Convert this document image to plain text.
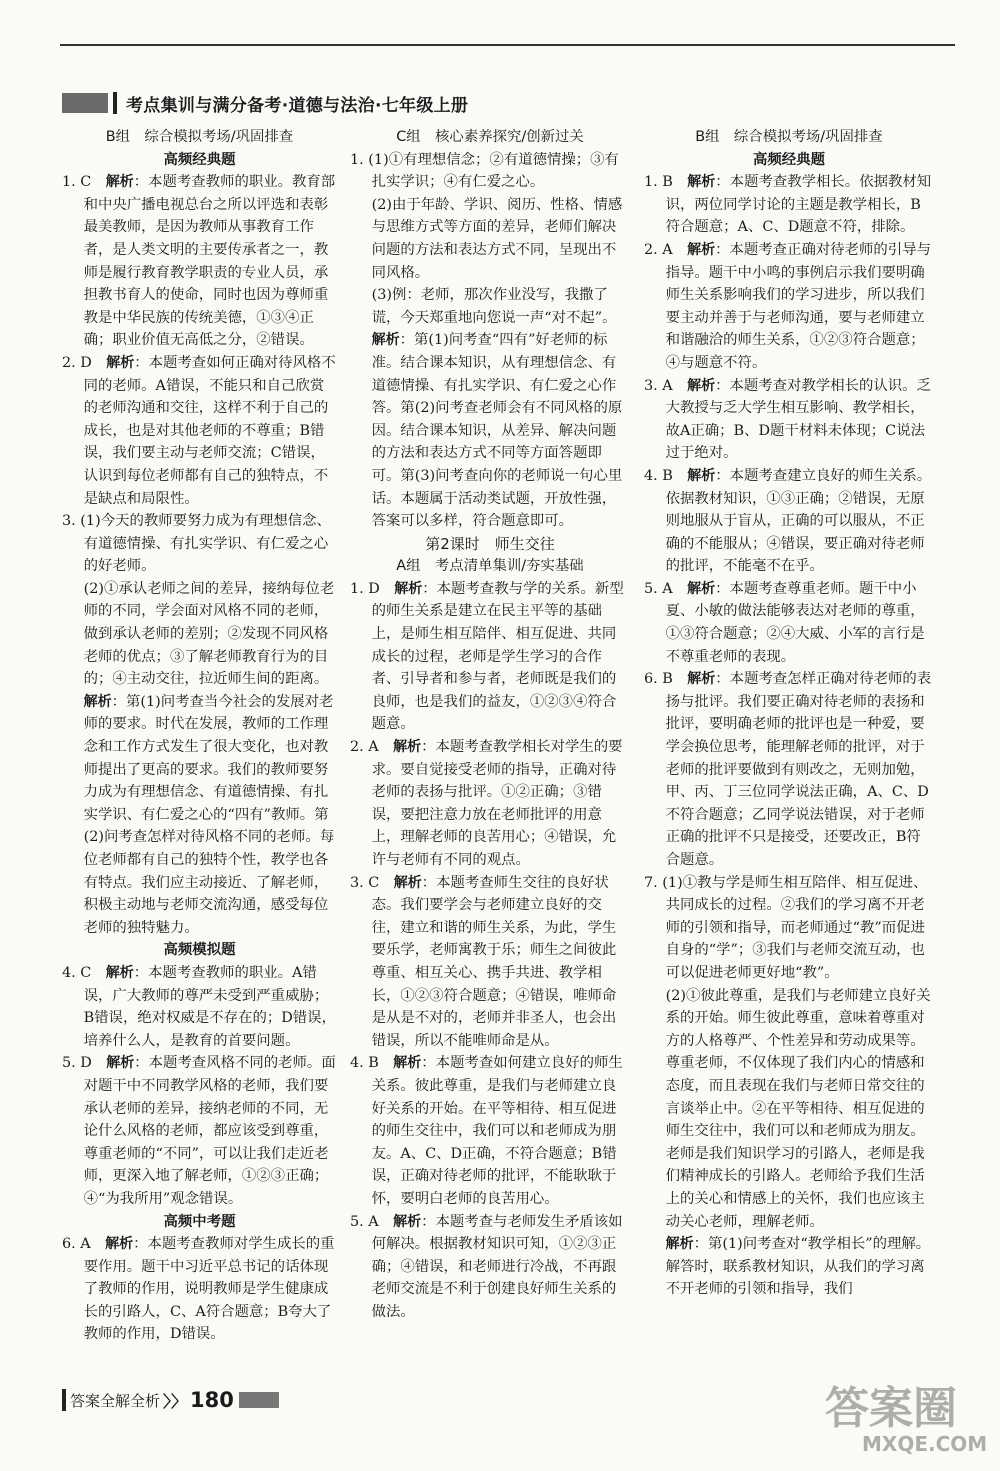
考点集训与满分备考·道德与法治·七年级上册
B组　综合模拟考场/巩固排查
高频经典题
1. C　解析：本题考查教师的职业。教育部和中央广播电视总台之所以评选和表彰最美教师，是因为教师从事教育工作者，是人类文明的主要传承者之一，教师是履行教育教学职责的专业人员，承担教书育人的使命，同时也因为尊师重教是中华民族的传统美德，①③④正确；职业价值无高低之分，②错误。
2. D　解析：本题考查如何正确对待风格不同的老师。A错误，不能只和自己欣赏的老师沟通和交往，这样不利于自己的成长，也是对其他老师的不尊重；B错误，我们要主动与老师交流；C错误，认识到每位老师都有自己的独特点，不是缺点和局限性。
3. (1)今天的教师要努力成为有理想信念、有道德情操、有扎实学识、有仁爱之心的好老师。
(2)①承认老师之间的差异，接纳每位老师的不同，学会面对风格不同的老师，做到承认老师的差别；②发现不同风格老师的优点；③了解老师教育行为的目的；④主动交往，拉近师生间的距离。
解析：第(1)问考查当今社会的发展对老师的要求。时代在发展，教师的工作理念和工作方式发生了很大变化，也对教师提出了更高的要求。我们的教师要努力成为有理想信念、有道德情操、有扎实学识、有仁爱之心的“四有”教师。第(2)问考查怎样对待风格不同的老师。每位老师都有自己的独特个性，教学也各有特点。我们应主动接近、了解老师，积极主动地与老师交流沟通，感受每位老师的独特魅力。
高频模拟题
4. C　解析：本题考查教师的职业。A错误，广大教师的尊严未受到严重威胁；B错误，绝对权威是不存在的；D错误，培养什么人，是教育的首要问题。
5. D　解析：本题考查风格不同的老师。面对题干中不同教学风格的老师，我们要承认老师的差异，接纳老师的不同，无论什么风格的老师，都应该受到尊重，尊重老师的“不同”，可以让我们走近老师，更深入地了解老师，①②③正确；④“为我所用”观念错误。
高频中考题
6. A　解析：本题考查教师对学生成长的重要作用。题干中习近平总书记的话体现了教师的作用，说明教师是学生健康成长的引路人，C、A符合题意；B夸大了教师的作用，D错误。
C组　核心素养探究/创新过关
1. (1)①有理想信念；②有道德情操；③有扎实学识；④有仁爱之心。
(2)由于年龄、学识、阅历、性格、情感与思维方式等方面的差异，老师们解决问题的方法和表达方式不同，呈现出不同风格。
(3)例：老师，那次作业没写，我撒了谎，今天郑重地向您说一声“对不起”。
解析：第(1)问考查“四有”好老师的标准。结合课本知识，从有理想信念、有道德情操、有扎实学识、有仁爱之心作答。第(2)问考查老师会有不同风格的原因。结合课本知识，从差异、解决问题的方法和表达方式不同等方面答题即可。第(3)问考查向你的老师说一句心里话。本题属于活动类试题，开放性强，答案可以多样，符合题意即可。
第2课时　师生交往
A组　考点清单集训/夯实基础
1. D　解析：本题考查教与学的关系。新型的师生关系是建立在民主平等的基础上，是师生相互陪伴、相互促进、共同成长的过程，老师是学生学习的合作者、引导者和参与者，老师既是我们的良师，也是我们的益友，①②③④符合题意。
2. A　解析：本题考查教学相长对学生的要求。要自觉接受老师的指导，正确对待老师的表扬与批评。①②正确；③错误，要把注意力放在老师批评的用意上，理解老师的良苦用心；④错误，允许与老师有不同的观点。
3. C　解析：本题考查师生交往的良好状态。我们要学会与老师建立良好的交往，建立和谐的师生关系，为此，学生要乐学，老师寓教于乐；师生之间彼此尊重、相互关心、携手共进、教学相长，①②③符合题意；④错误，唯师命是从是不对的，老师并非圣人，也会出错误，所以不能唯师命是从。
4. B　解析：本题考查如何建立良好的师生关系。彼此尊重，是我们与老师建立良好关系的开始。在平等相待、相互促进的师生交往中，我们可以和老师成为朋友。A、C、D正确，不符合题意；B错误，正确对待老师的批评，不能耿耿于怀，要明白老师的良苦用心。
5. A　解析：本题考查与老师发生矛盾该如何解决。根据教材知识可知，①②③正确；④错误，和老师进行冷战，不再跟老师交流是不利于创建良好师生关系的做法。
B组　综合模拟考场/巩固排查
高频经典题
1. B　解析：本题考查教学相长。依据教材知识，两位同学讨论的主题是教学相长，B符合题意；A、C、D题意不符，排除。
2. A　解析：本题考查正确对待老师的引导与指导。题干中小鸣的事例启示我们要明确师生关系影响我们的学习进步，所以我们要主动并善于与老师沟通，要与老师建立和谐融洽的师生关系，①②③符合题意；④与题意不符。
3. A　解析：本题考查对教学相长的认识。乏大教授与乏大学生相互影响、教学相长，故A正确；B、D题干材料未体现；C说法过于绝对。
4. B　解析：本题考查建立良好的师生关系。依据教材知识，①③正确；②错误，无原则地服从于盲从，正确的可以服从，不正确的不能服从；④错误，要正确对待老师的批评，不能毫不在乎。
5. A　解析：本题考查尊重老师。题干中小夏、小敏的做法能够表达对老师的尊重，①③符合题意；②④大威、小军的言行是不尊重老师的表现。
6. B　解析：本题考查怎样正确对待老师的表扬与批评。我们要正确对待老师的表扬和批评，要明确老师的批评也是一种爱，要学会换位思考，能理解老师的批评，对于老师的批评要做到有则改之，无则加勉，甲、丙、丁三位同学说法正确，A、C、D不符合题意；乙同学说法错误，对于老师正确的批评不只是接受，还要改正，B符合题意。
7. (1)①教与学是师生相互陪伴、相互促进、共同成长的过程。②我们的学习离不开老师的引领和指导，而老师通过“教”而促进自身的“学”；③我们与老师交流互动，也可以促进老师更好地“教”。
(2)①彼此尊重，是我们与老师建立良好关系的开始。师生彼此尊重，意味着尊重对方的人格尊严、个性差异和劳动成果等。尊重老师，不仅体现了我们内心的情感和态度，而且表现在我们与老师日常交往的言谈举止中。②在平等相待、相互促进的师生交往中，我们可以和老师成为朋友。老师是我们知识学习的引路人，老师是我们精神成长的引路人。老师给予我们生活上的关心和情感上的关怀，我们也应该主动关心老师，理解老师。
解析：第(1)问考查对“教学相长”的理解。解答时，联系教材知识，从我们的学习离不开老师的引领和指导，我们
答案全解全析 〉〉 180	答案圈
MXQE.COM
